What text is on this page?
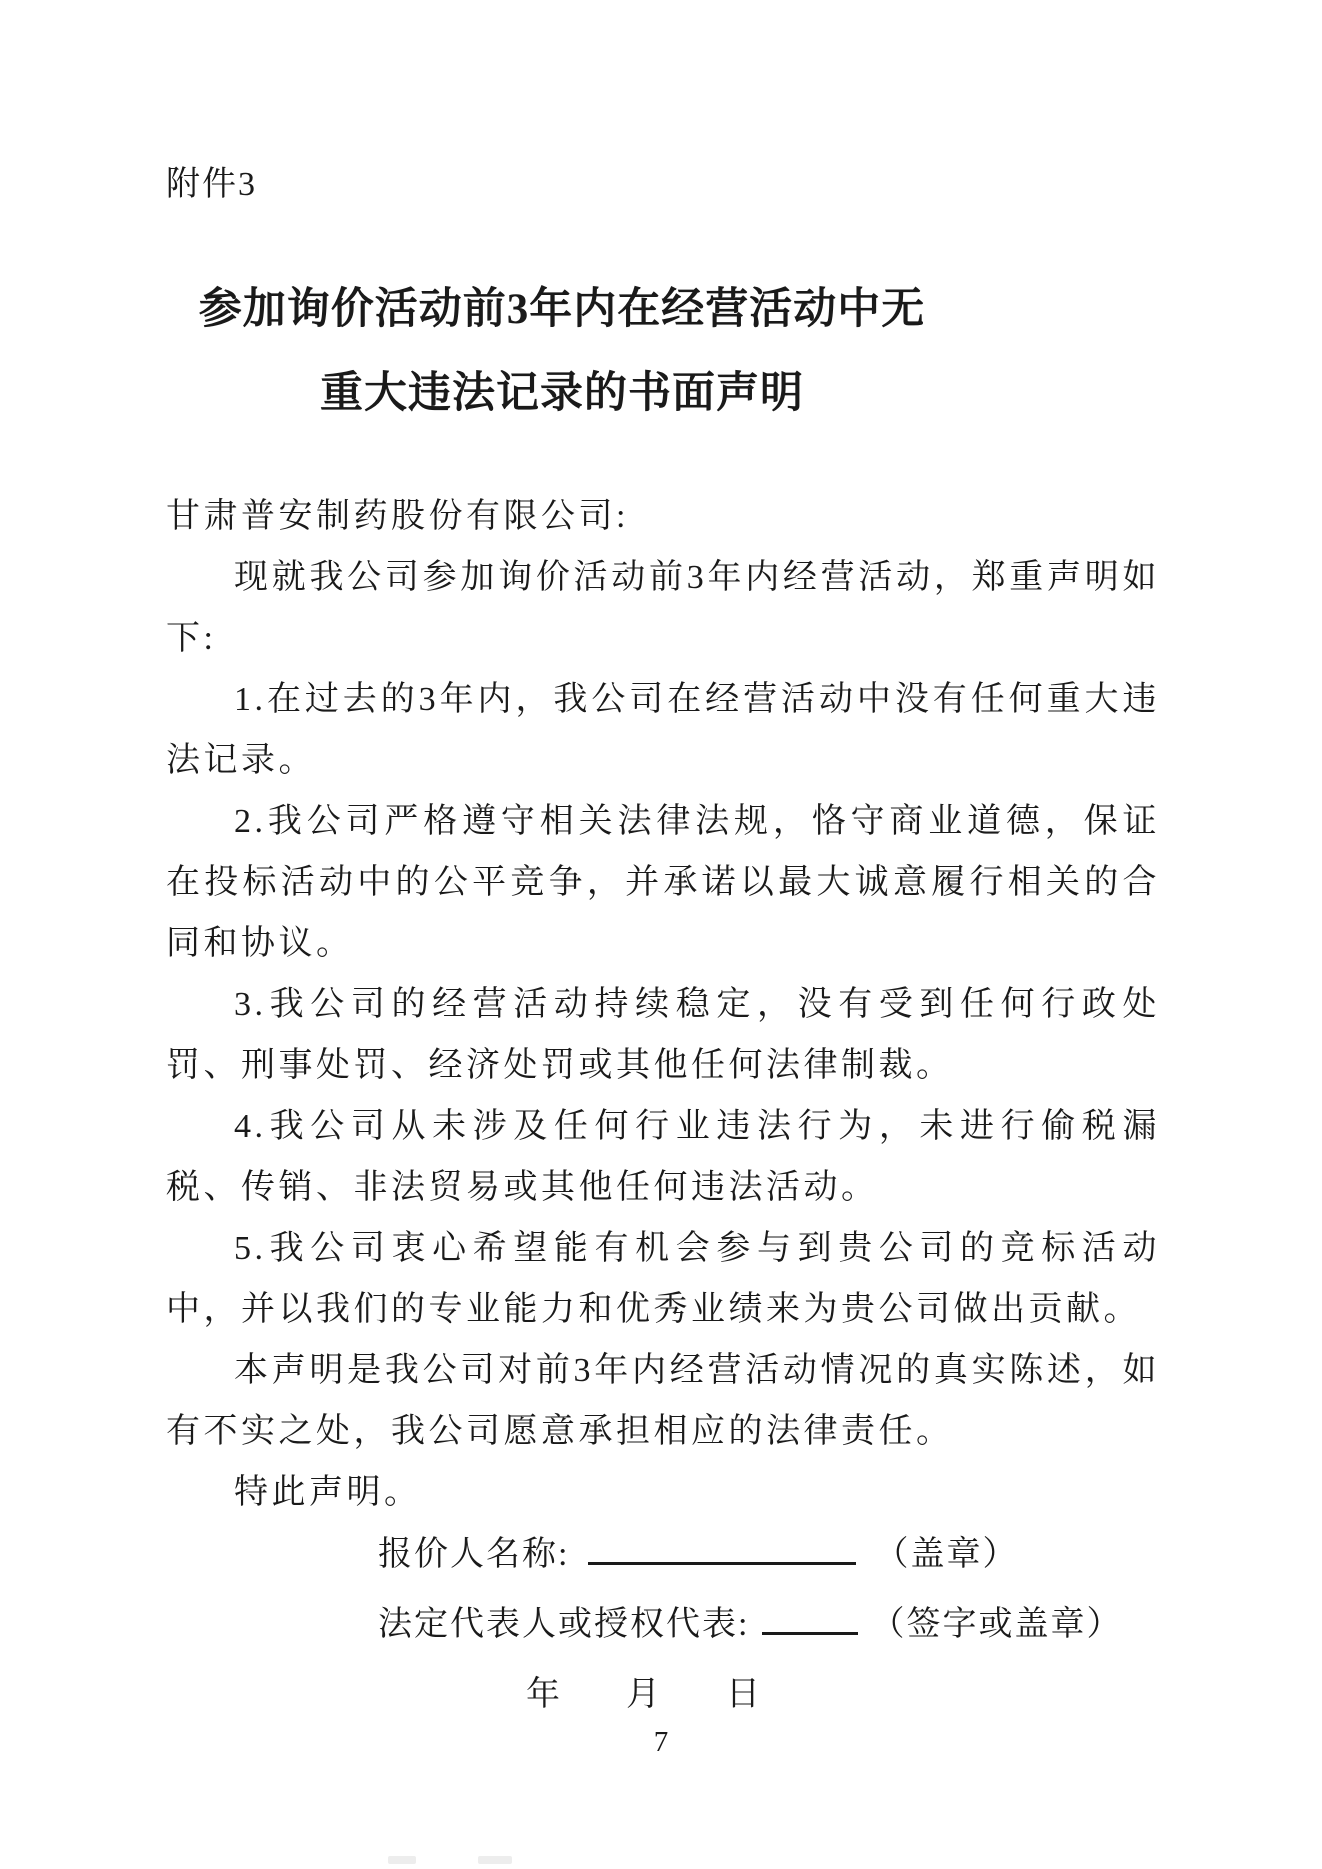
附件3
参加询价活动前3年内在经营活动中无
重大违法记录的书面声明

甘肃普安制药股份有限公司:

现就我公司参加询价活动前3年内经营活动，郑重声明如下:

1.在过去的3年内，我公司在经营活动中没有任何重大违法记录。

2.我公司严格遵守相关法律法规，恪守商业道德，保证在投标活动中的公平竞争，并承诺以最大诚意履行相关的合同和协议。

3.我公司的经营活动持续稳定，没有受到任何行政处罚、刑事处罚、经济处罚或其他任何法律制裁。

4.我公司从未涉及任何行业违法行为，未进行偷税漏税、传销、非法贸易或其他任何违法活动。

5.我公司衷心希望能有机会参与到贵公司的竞标活动中，并以我们的专业能力和优秀业绩来为贵公司做出贡献。

本声明是我公司对前3年内经营活动情况的真实陈述，如有不实之处，我公司愿意承担相应的法律责任。

特此声明。

报价人名称:	（盖章）
法定代表人或授权代表:	（签字或盖章）
年 月 日
7
